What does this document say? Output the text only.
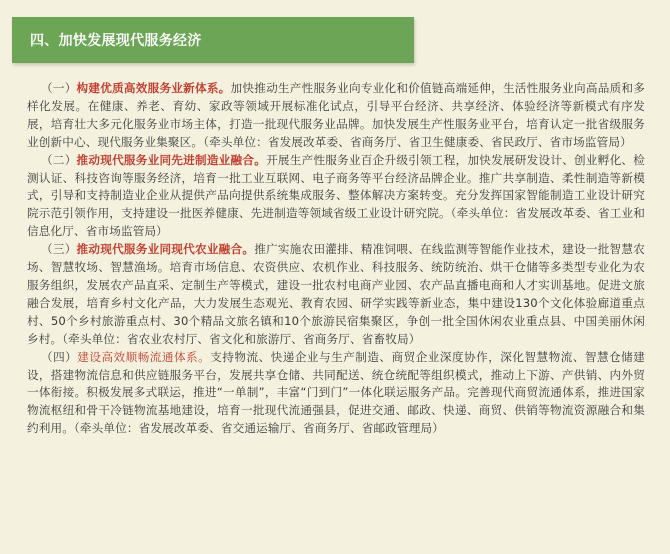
四、加快发展现代服务经济

（一）构建优质高效服务业新体系。加快推动生产性服务业向专业化和价值链高端延伸，生活性服务业向高品质和多样化发展。在健康、养老、育幼、家政等领域开展标准化试点，引导平台经济、共享经济、体验经济等新模式有序发展，培育壮大多元化服务业市场主体，打造一批现代服务业品牌。加快发展生产性服务业平台，培育认定一批省级服务业创新中心、现代服务业集聚区。（牵头单位：省发展改革委、省商务厅、省卫生健康委、省民政厅、省市场监管局）

（二）推动现代服务业同先进制造业融合。开展生产性服务业百企升级引领工程，加快发展研发设计、创业孵化、检测认证、科技咨询等服务经济，培育一批工业互联网、电子商务等平台经济品牌企业。推广共享制造、柔性制造等新模式，引导和支持制造业企业从提供产品向提供系统集成服务、整体解决方案转变。充分发挥国家智能制造工业设计研究院示范引领作用，支持建设一批医养健康、先进制造等领域省级工业设计研究院。（牵头单位：省发展改革委、省工业和信息化厅、省市场监管局）

（三）推动现代服务业同现代农业融合。推广实施农田灌排、精准饲喂、在线监测等智能作业技术，建设一批智慧农场、智慧牧场、智慧渔场。培育市场信息、农资供应、农机作业、科技服务、统防统治、烘干仓储等多类型专业化为农服务组织，发展农产品直采、定制生产等模式，建设一批农村电商产业园、农产品直播电商和人才实训基地。促进文旅融合发展，培育乡村文化产品，大力发展生态观光、教育农园、研学实践等新业态，集中建设130个文化体验廊道重点村、50个乡村旅游重点村、30个精品文旅名镇和10个旅游民宿集聚区，争创一批全国休闲农业重点县、中国美丽休闲乡村。（牵头单位：省农业农村厅、省文化和旅游厅、省商务厅、省畜牧局）

（四）建设高效顺畅流通体系。支持物流、快递企业与生产制造、商贸企业深度协作，深化智慧物流、智慧仓储建设，搭建物流信息和供应链服务平台，发展共享仓储、共同配送、统仓统配等组织模式，推动上下游、产供销、内外贸一体衔接。积极发展多式联运，推进“一单制”，丰富“门到门”一体化联运服务产品。完善现代商贸流通体系，推进国家物流枢纽和骨干冷链物流基地建设，培育一批现代流通强县，促进交通、邮政、快递、商贸、供销等物流资源融合和集约利用。（牵头单位：省发展改革委、省交通运输厅、省商务厅、省邮政管理局）
